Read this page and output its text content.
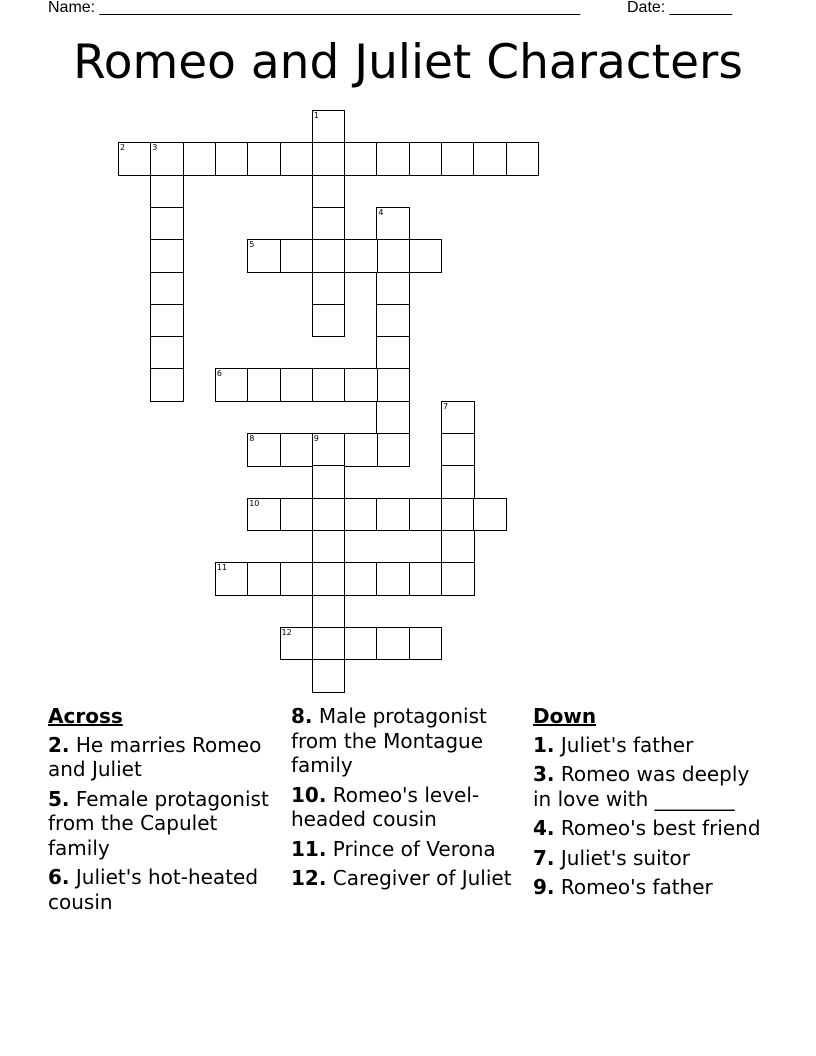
Name: ______________________________________________________	Date: _______
Romeo and Juliet Characters
1
2	3
4
5
6
7
8	9
10
11
12
Across
2. He marries Romeo and Juliet
5. Female protagonist from the Capulet family
6. Juliet's hot-heated cousin
8. Male protagonist from the Montague family
10. Romeo's level-headed cousin
11. Prince of Verona
12. Caregiver of Juliet
Down
1. Juliet's father
3. Romeo was deeply in love with ________
4. Romeo's best friend
7. Juliet's suitor
9. Romeo's father
